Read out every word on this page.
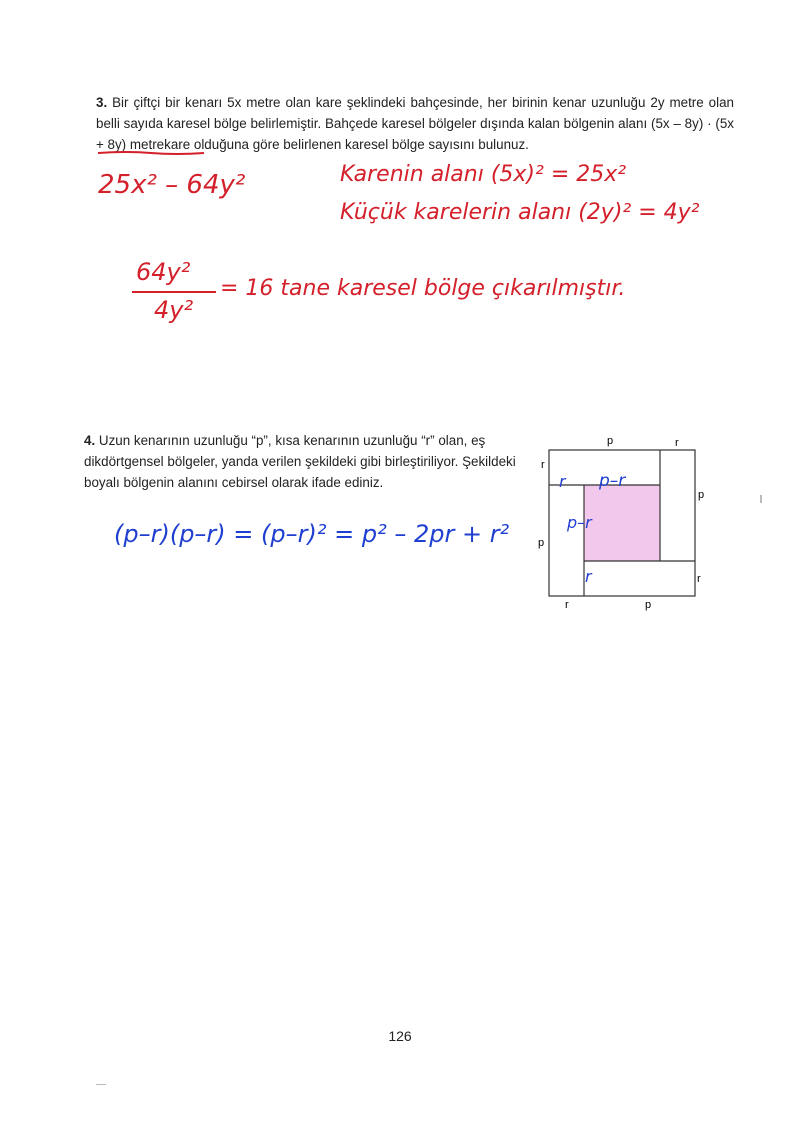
3. Bir çiftçi bir kenarı 5x metre olan kare şeklindeki bahçesinde, her birinin kenar uzunluğu 2y metre olan belli sayıda karesel bölge belirlemiştir. Bahçede karesel bölgeler dışında kalan bölgenin alanı (5x – 8y) · (5x + 8y) metrekare olduğuna göre belirlenen karesel bölge sayısını bulunuz.
25x² – 64y²	Karenin alanı (5x)² = 25x²
Küçük karelerin alanı (2y)² = 4y²
64y²
4y²
= 16 tane karesel bölge çıkarılmıştır.
4. Uzun kenarının uzunluğu “p”, kısa kenarının uzunluğu “r” olan, eş dikdörtgensel bölgeler, yanda verilen şekildeki gibi birleştiriliyor. Şekildeki boyalı bölgenin alanını cebirsel olarak ifade ediniz.
p	r
r
p
p
r
r	p
r p–r
p–r
r
(p–r)(p–r) = (p–r)² = p² – 2pr + r²
126
